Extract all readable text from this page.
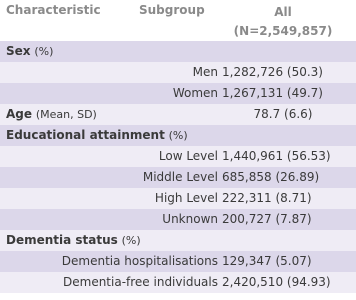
Characteristic	Subgroup	All
(N=2,549,857)
Sex (%)
Men 1,282,726 (50.3)
Women 1,267,131 (49.7)
Age (Mean, SD)	78.7 (6.6)
Educational attainment (%)
Low Level 1,440,961 (56.53)
Middle Level 685,858 (26.89)
High Level 222,311 (8.71)
Unknown 200,727 (7.87)
Dementia status (%)
Dementia hospitalisations 129,347 (5.07)
Dementia-free individuals 2,420,510 (94.93)
